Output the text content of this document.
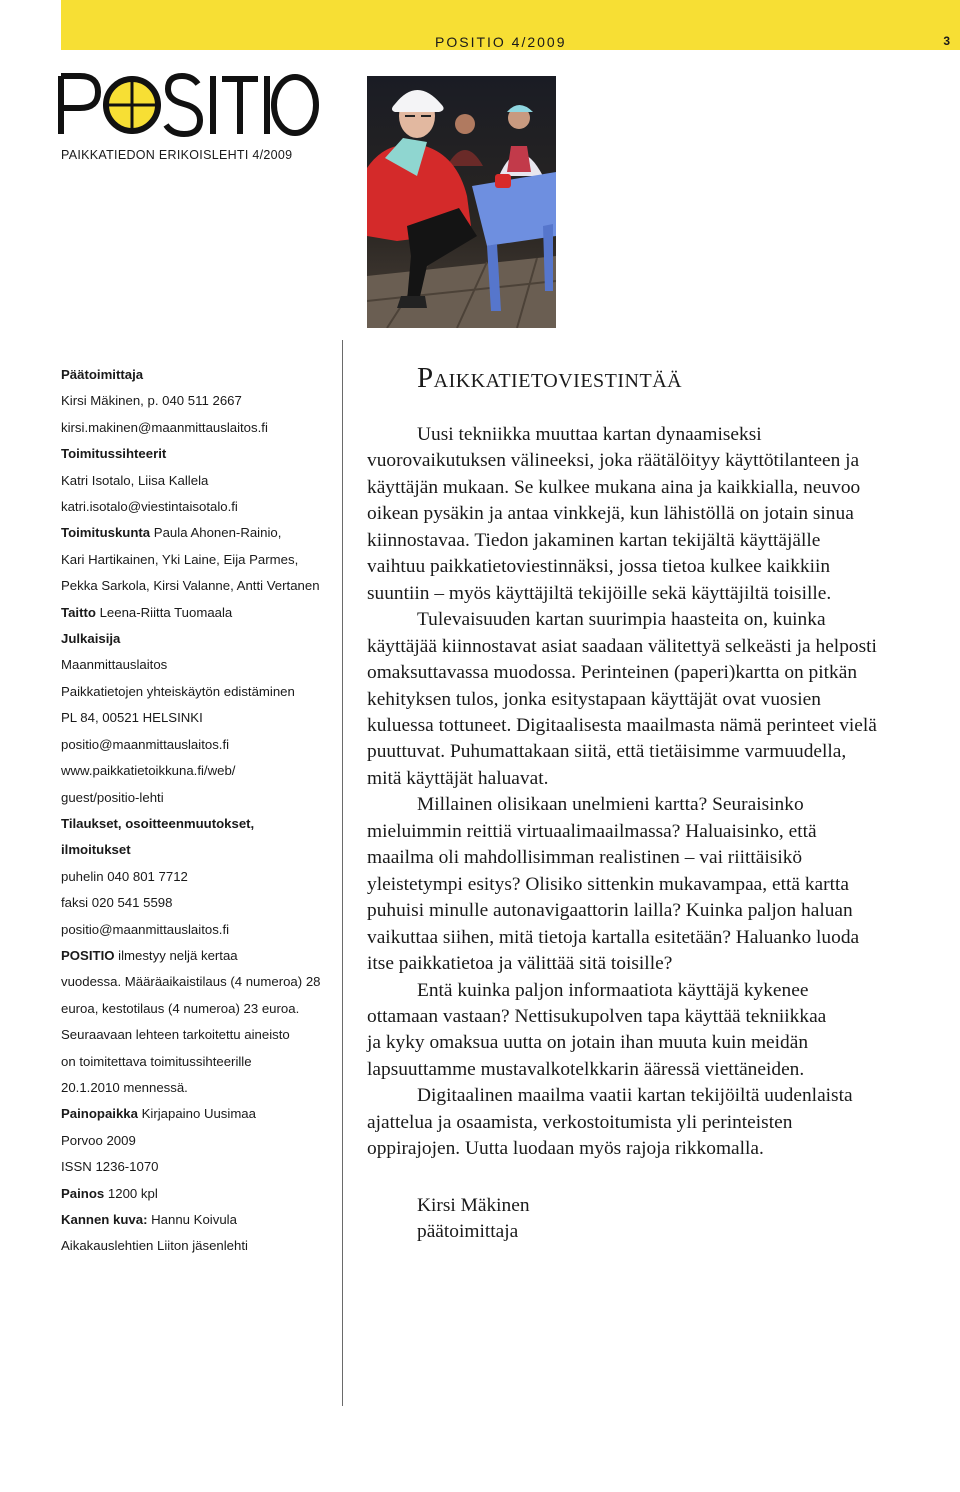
POSITIO 4/2009	3
PAIKKATIEDON ERIKOISLEHTI 4/2009
Päätoimittaja
Kirsi Mäkinen, p. 040 511 2667
kirsi.makinen@maanmittauslaitos.fi
Toimitussihteerit
Katri Isotalo, Liisa Kallela
katri.isotalo@viestintaisotalo.fi
Toimituskunta Paula Ahonen-Rainio,
Kari Hartikainen, Yki Laine, Eija Parmes,
Pekka Sarkola, Kirsi Valanne, Antti Vertanen
Taitto Leena-Riitta Tuomaala
Julkaisija
Maanmittauslaitos
Paikkatietojen yhteiskäytön edistäminen
PL 84, 00521 HELSINKI
positio@maanmittauslaitos.fi
www.paikkatietoikkuna.fi/web/
guest/positio-lehti
Tilaukset, osoitteenmuutokset,
ilmoitukset
puhelin 040 801 7712
faksi 020 541 5598
positio@maanmittauslaitos.fi
POSITIO ilmestyy neljä kertaa
vuodessa. Määräaikaistilaus (4 numeroa) 28
euroa, kestotilaus (4 numeroa) 23 euroa.
Seuraavaan lehteen tarkoitettu aineisto
on toimitettava toimitussihteerille
20.1.2010 mennessä.
Painopaikka Kirjapaino Uusimaa
Porvoo 2009
ISSN 1236-1070
Painos 1200 kpl
Kannen kuva: Hannu Koivula
Aikakauslehtien Liiton jäsenlehti
Paikkatietoviestintää
Uusi tekniikka muuttaa kartan dynaamiseksi
vuorovaikutuksen välineeksi, joka räätälöityy käyttötilanteen ja
käyttäjän mukaan. Se kulkee mukana aina ja kaikkialla, neuvoo
oikean pysäkin ja antaa vinkkejä, kun lähistöllä on jotain sinua
kiinnostavaa. Tiedon jakaminen kartan tekijältä käyttäjälle
vaihtuu paikkatietoviestinnäksi, jossa tietoa kulkee kaikkiin
suuntiin – myös käyttäjiltä tekijöille sekä käyttäjiltä toisille.
Tulevaisuuden kartan suurimpia haasteita on, kuinka
käyttäjää kiinnostavat asiat saadaan välitettyä selkeästi ja helposti
omaksuttavassa muodossa. Perinteinen (paperi)kartta on pitkän
kehityksen tulos, jonka esitystapaan käyttäjät ovat vuosien
kuluessa tottuneet. Digitaalisesta maailmasta nämä perinteet vielä
puuttuvat. Puhumattakaan siitä, että tietäisimme varmuudella,
mitä käyttäjät haluavat.
Millainen olisikaan unelmieni kartta? Seuraisinko
mieluimmin reittiä virtuaalimaailmassa? Haluaisinko, että
maailma oli mahdollisimman realistinen – vai riittäisikö
yleistetympi esitys? Olisiko sittenkin mukavampaa, että kartta
puhuisi minulle autonavigaattorin lailla? Kuinka paljon haluan
vaikuttaa siihen, mitä tietoja kartalla esitetään? Haluanko luoda
itse paikkatietoa ja välittää sitä toisille?
Entä kuinka paljon informaatiota käyttäjä kykenee
ottamaan vastaan? Nettisukupolven tapa käyttää tekniikkaa
ja kyky omaksua uutta on jotain ihan muuta kuin meidän
lapsuuttamme mustavalkotelkkarin ääressä viettäneiden.
Digitaalinen maailma vaatii kartan tekijöiltä uudenlaista
ajattelua ja osaamista, verkostoitumista yli perinteisten
oppirajojen. Uutta luodaan myös rajoja rikkomalla.
Kirsi Mäkinen
päätoimittaja
